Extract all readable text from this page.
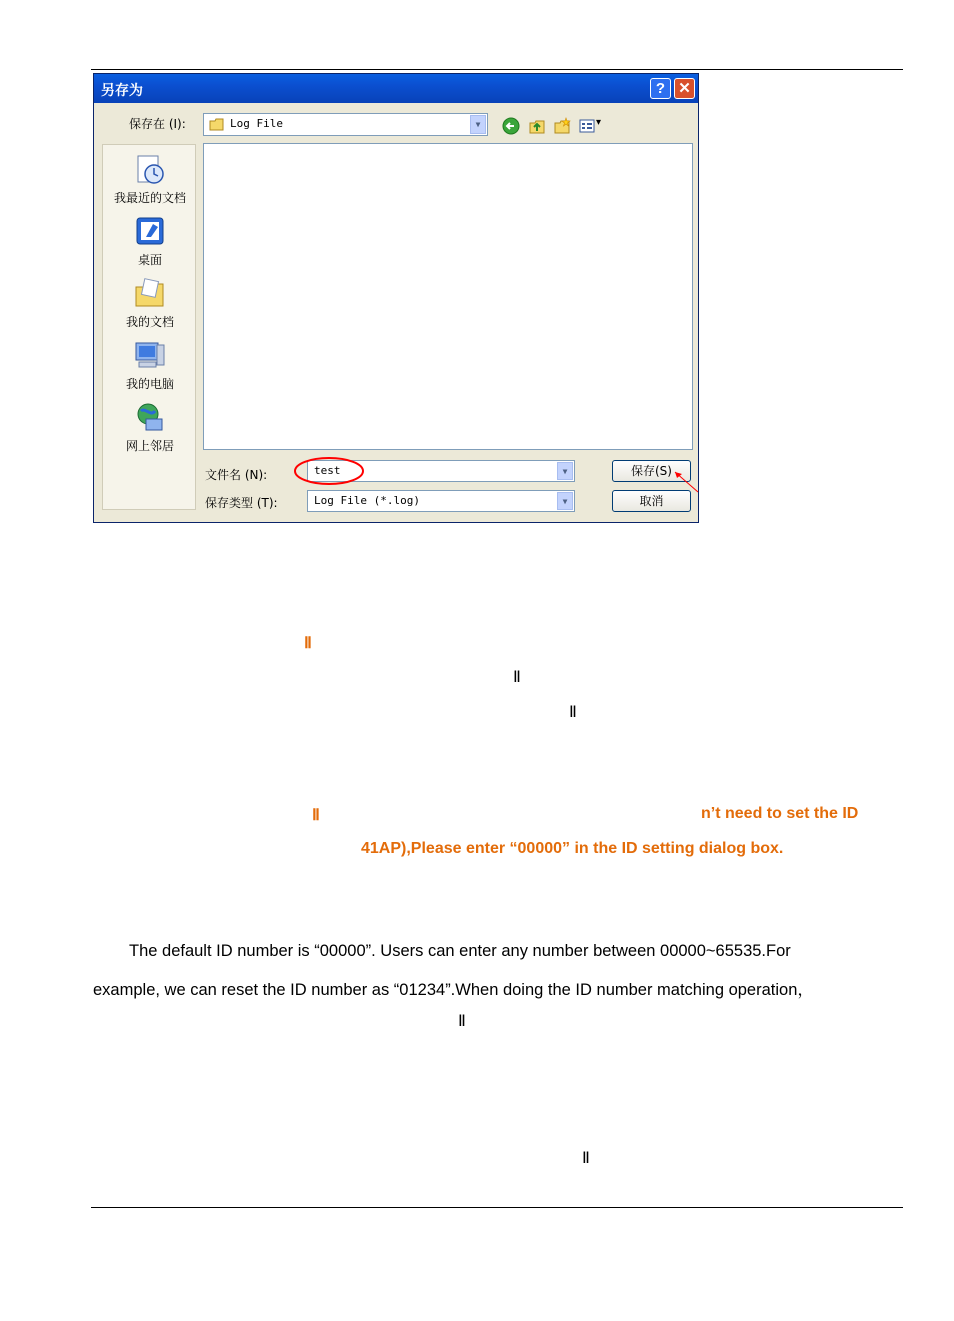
另存为	? ✕
保存在 (I):	Log File	▼	▾
我最近的文档
桌面
我的文档
我的电脑
网上邻居
文件名 (N):	test	▼
保存类型 (T):	Log File (*.log)	▼
保存(S)
取消
Ⅱ
Ⅱ
Ⅱ
Ⅱ	n’t need to set the ID
41AP),Please enter “00000” in the ID setting dialog box.
The default ID number is “00000”. Users can enter any number between 00000~65535.For
example, we can reset the ID number as “01234”.When doing the ID number matching operation，
Ⅱ
Ⅱ
